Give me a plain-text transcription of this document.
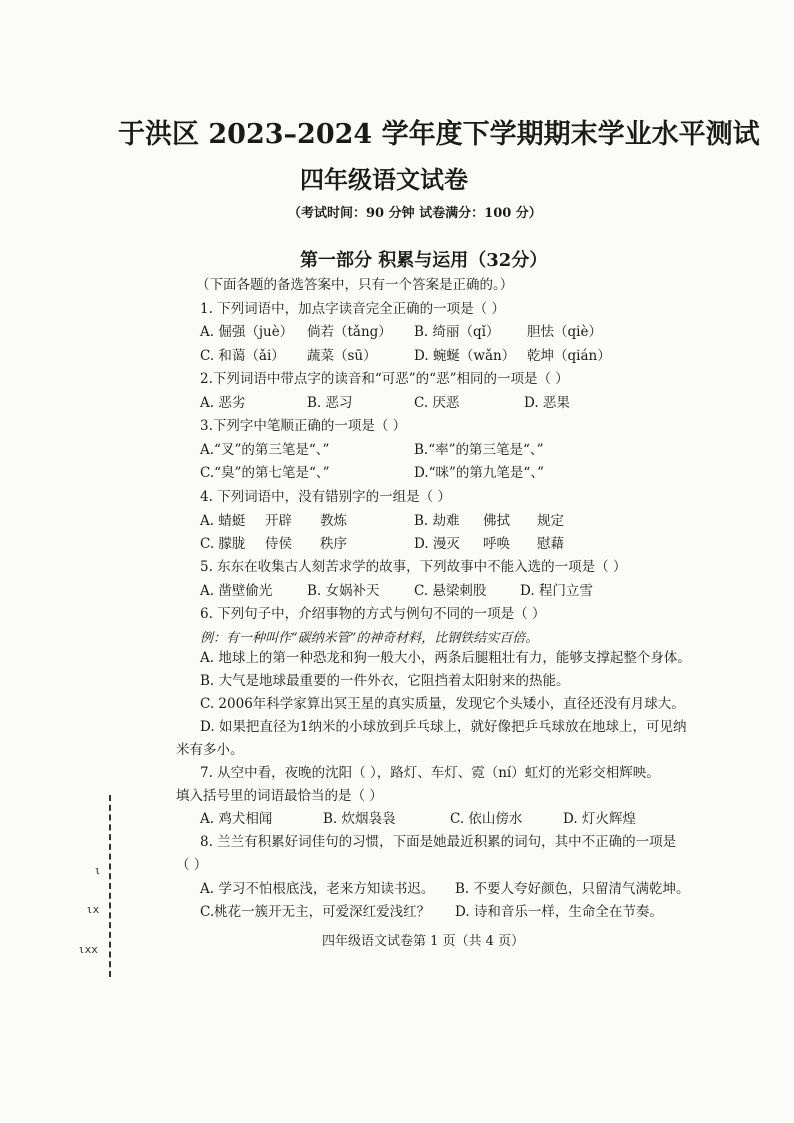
于洪区 2023–2024 学年度下学期期末学业水平测试
四年级语文试卷
（考试时间：90 分钟 试卷满分：100 分）
第一部分 积累与运用（32分）
（下面各题的备选答案中，只有一个答案是正确的。）
1. 下列词语中，加点字读音完全正确的一项是（ ）
A. 倔强（juè） 倘若（tǎng） B. 绮丽（qǐ） 胆怯（qiè）
C. 和蔼（ǎi） 蔬菜（sū）	D. 蜿蜒（wǎn） 乾坤（qián）
2.下列词语中带点字的读音和“可恶”的“恶”相同的一项是（ ）
A. 恶劣	B. 恶习	C. 厌恶	D. 恶果
3.下列字中笔顺正确的一项是（ ）
A.“叉”的第三笔是“、”	B.“率”的第三笔是“、”
C.“臭”的第七笔是“、”	D.“咪”的第九笔是“、”
4. 下列词语中，没有错别字的一组是（ ）
A. 蜻蜓 开辟 教炼	B. 劫难 佛拭 规定
C. 朦胧 侍侯 秩序	D. 漫灭 呼唤 慰藉
5. 东东在收集古人刻苦求学的故事，下列故事中不能入选的一项是（ ）
A. 凿壁偷光	B. 女娲补天	C. 悬梁刺股 D. 程门立雪
6. 下列句子中，介绍事物的方式与例句不同的一项是（ ）
例：有一种叫作“碳纳米管”的神奇材料，比钢铁结实百倍。
A. 地球上的第一种恐龙和狗一般大小，两条后腿粗壮有力，能够支撑起整个身体。
B. 大气是地球最重要的一件外衣，它阻挡着太阳射来的热能。
C. 2006年科学家算出冥王星的真实质量，发现它个头矮小，直径还没有月球大。
D. 如果把直径为1纳米的小球放到乒乓球上，就好像把乒乓球放在地球上，可见纳
米有多小。
7. 从空中看，夜晚的沈阳（ ），路灯、车灯、霓（ní）虹灯的光彩交相辉映。
填入括号里的词语最恰当的是（ ）
A. 鸡犬相闻	B. 炊烟袅袅	C. 依山傍水	D. 灯火辉煌
8. 兰兰有积累好词佳句的习惯，下面是她最近积累的词句，其中不正确的一项是
（ ）
A. 学习不怕根底浅，老来方知读书迟。 B. 不要人夸好颜色，只留清气满乾坤。
C.桃花一簇开无主，可爱深红爱浅红？ D. 诗和音乐一样，生命全在节奏。
四年级语文试卷第 1 页（共 4 页）
ι
ιx
ιxx
